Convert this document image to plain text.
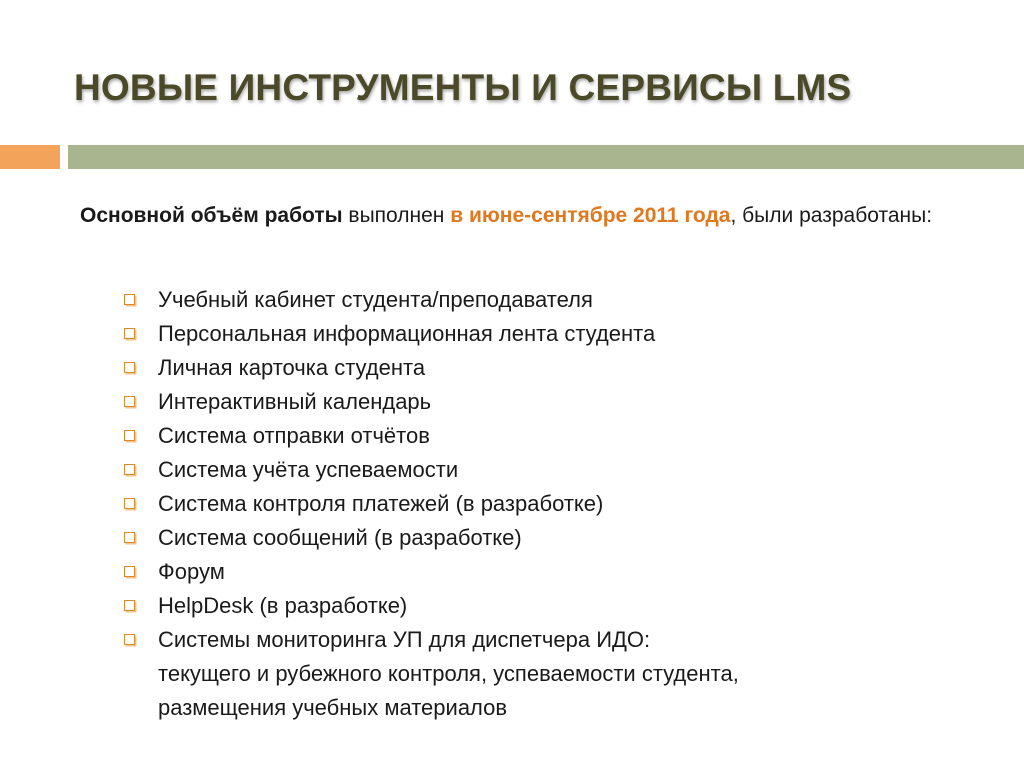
НОВЫЕ ИНСТРУМЕНТЫ И СЕРВИСЫ LMS

Основной объём работы выполнен в июне-сентябре 2011 года, были разработаны:

Учебный кабинет студента/преподавателя
Персональная информационная лента студента
Личная карточка студента
Интерактивный календарь
Система отправки отчётов
Система учёта успеваемости
Система контроля платежей (в разработке)
Система сообщений (в разработке)
Форум
HelpDesk (в разработке)
Системы мониторинга УП для диспетчера ИДО:
текущего и рубежного контроля, успеваемости студента,
размещения учебных материалов
